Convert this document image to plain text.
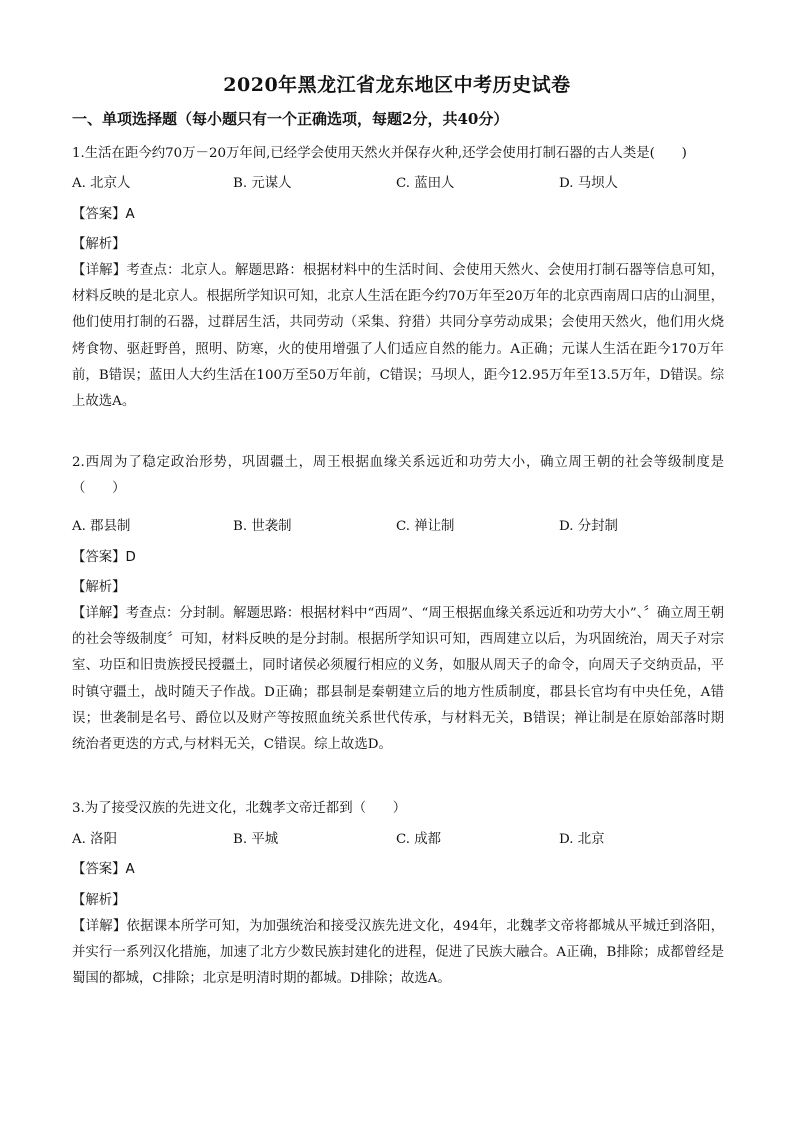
2020年黑龙江省龙东地区中考历史试卷
一、单项选择题（每小题只有一个正确选项，每题2分，共40分）
1.生活在距今约70万－20万年间,已经学会使用天然火并保存火种,还学会使用打制石器的古人类是(　　)
A. 北京人	B. 元谋人	C. 蓝田人	D. 马坝人
【答案】A
【解析】
【详解】考查点：北京人。解题思路：根据材料中的生活时间、会使用天然火、会使用打制石器等信息可知，材料反映的是北京人。根据所学知识可知，北京人生活在距今约70万年至20万年的北京西南周口店的山洞里，他们使用打制的石器，过群居生活，共同劳动（采集、狩猎）共同分享劳动成果；会使用天然火，他们用火烧烤食物、驱赶野兽，照明、防寒，火的使用增强了人们适应自然的能力。A正确；元谋人生活在距今170万年前，B错误；蓝田人大约生活在100万至50万年前，C错误；马坝人，距今12.95万年至13.5万年，D错误。综上故选A。
2.西周为了稳定政治形势，巩固疆土，周王根据血缘关系远近和功劳大小，确立周王朝的社会等级制度是（　　）
A. 郡县制	B. 世袭制	C. 禅让制	D. 分封制
【答案】D
【解析】
【详解】考查点：分封制。解题思路：根据材料中“西周”、“周王根据血缘关系远近和功劳大小”、〞确立周王朝的社会等级制度〞可知，材料反映的是分封制。根据所学知识可知，西周建立以后，为巩固统治，周天子对宗室、功臣和旧贵族授民授疆土，同时诸侯必须履行相应的义务，如服从周天子的命令，向周天子交纳贡品，平时镇守疆土，战时随天子作战。D正确；郡县制是秦朝建立后的地方性质制度，郡县长官均有中央任免，A错误；世袭制是名号、爵位以及财产等按照血统关系世代传承，与材料无关，B错误；禅让制是在原始部落时期统治者更迭的方式,与材料无关，C错误。综上故选D。
3.为了接受汉族的先进文化，北魏孝文帝迁都到（　　）
A. 洛阳	B. 平城	C. 成都	D. 北京
【答案】A
【解析】
【详解】依据课本所学可知，为加强统治和接受汉族先进文化，494年，北魏孝文帝将都城从平城迁到洛阳，并实行一系列汉化措施，加速了北方少数民族封建化的进程，促进了民族大融合。A正确，B排除；成都曾经是蜀国的都城，C排除；北京是明清时期的都城。D排除；故选A。
